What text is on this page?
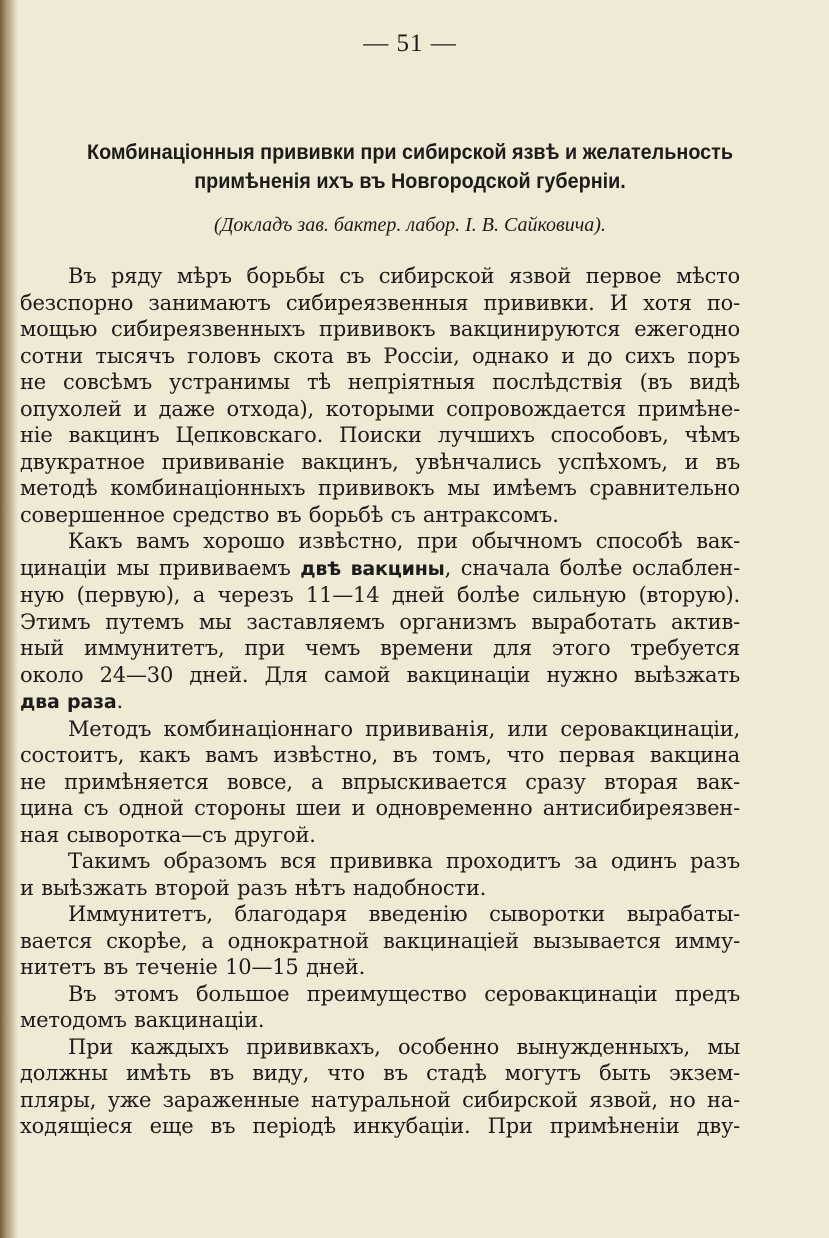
— 51 —
Комбинаціонныя прививки при сибирской язвѣ и желательность
примѣненія ихъ въ Новгородской губерніи.
(Докладъ зав. бактер. лабор. І. В. Сайковича).
Въ ряду мѣръ борьбы съ сибирской язвой первое мѣсто
безспорно занимаютъ сибиреязвенныя прививки. И хотя по-
мощью сибиреязвенныхъ прививокъ вакцинируются ежегодно
сотни тысячъ головъ скота въ Россіи, однако и до сихъ поръ
не совсѣмъ устранимы тѣ непріятныя послѣдствія (въ видѣ
опухолей и даже отхода), которыми сопровождается примѣне-
ніе вакцинъ Цепковскаго. Поиски лучшихъ способовъ, чѣмъ
двукратное прививаніе вакцинъ, увѣнчались успѣхомъ, и въ
методѣ комбинаціонныхъ прививокъ мы имѣемъ сравнительно
совершенное средство въ борьбѣ съ антраксомъ.
Какъ вамъ хорошо извѣстно, при обычномъ способѣ вак-
цинаціи мы прививаемъ двѣ вакцины, сначала болѣе ослаблен-
ную (первую), а черезъ 11—14 дней болѣе сильную (вторую).
Этимъ путемъ мы заставляемъ организмъ выработать актив-
ный иммунитетъ, при чемъ времени для этого требуется
около 24—30 дней. Для самой вакцинаціи нужно выѣзжать
два раза.
Методъ комбинаціоннаго прививанія, или серовакцинаціи,
состоитъ, какъ вамъ извѣстно, въ томъ, что первая вакцина
не примѣняется вовсе, а впрыскивается сразу вторая вак-
цина съ одной стороны шеи и одновременно антисибиреязвен-
ная сыворотка—съ другой.
Такимъ образомъ вся прививка проходитъ за одинъ разъ
и выѣзжать второй разъ нѣтъ надобности.
Иммунитетъ, благодаря введенію сыворотки вырабаты-
вается скорѣе, а однократной вакцинаціей вызывается имму-
нитетъ въ теченіе 10—15 дней.
Въ этомъ большое преимущество серовакцинаціи предъ
методомъ вакцинаціи.
При каждыхъ прививкахъ, особенно вынужденныхъ, мы
должны имѣть въ виду, что въ стадѣ могутъ быть экзем-
пляры, уже зараженные натуральной сибирской язвой, но на-
ходящіеся еще въ періодѣ инкубаціи. При примѣненіи дву-
